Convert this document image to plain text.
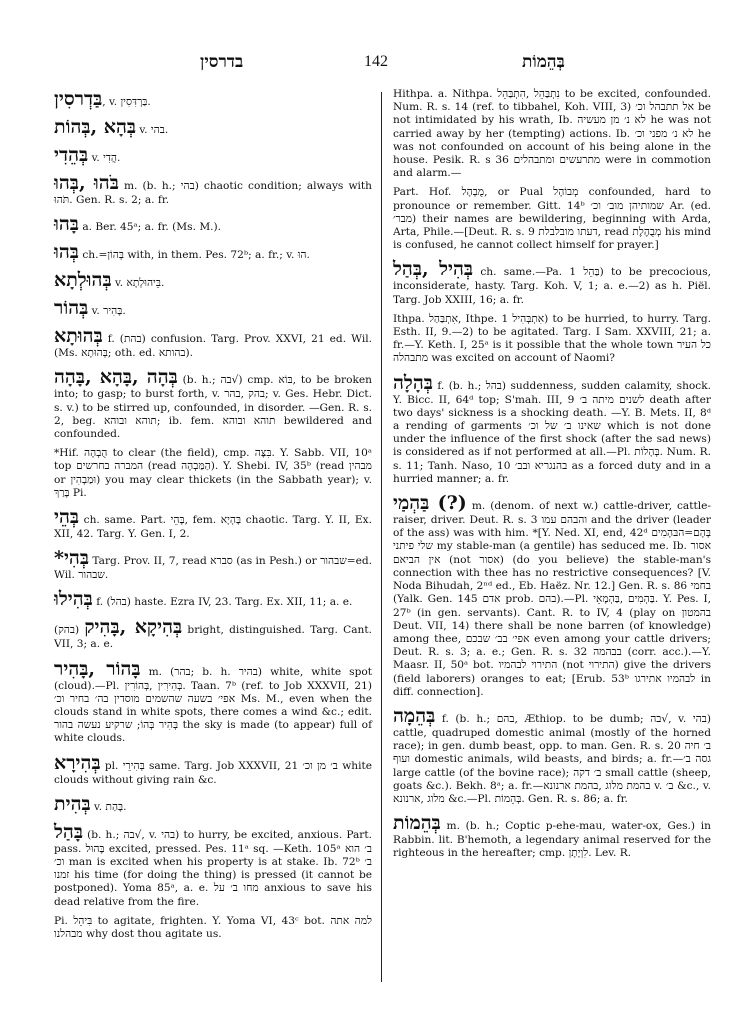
בדרסין	142	בְּהֵמוֹת

בַּדְרסִין, v. בַּרְדִּסִין.

בְּהָא ,בְּהוֹת v. בהי.

בְּהֵדִי v. הֲדִי.

בֹּהוּ ,בְּהוּ m. (b. h.; בהי) chaotic condition; always with תֹּהוּ. Gen. R. s. 2; a. fr.

בָּהוּ a. Ber. 45ᵃ; a. fr. (Ms. M.).

בְּהוּ ch.=בְּהוֹן with, in them. Pes. 72ᵇ; a. fr.; v. הוּ.

בְּהוּלְתָא v. בֵּיהוּלְתָא.

בְּהוֹר v. בָּהִיר.

בְּהוּתָא f. (בהת) confusion. Targ. Prov. XXVI, 21 ed. Wil. (Ms. בְּהוּתָא; oth. ed. בהותא).

בְּהָה ,בָּהָא ,בָּהָה (b. h.; בה√) cmp. בּוֹא, to be broken into; to gasp; to burst forth, v. בהק ,בהר; v. Ges. Hebr. Dict. s. v.) to be stirred up, confounded, in disorder. —Gen. R. s. 2, beg. תוהא ובוהא; ib. fem. תוהא ובוהא bewildered and confounded.

*Hif. הֻבְהָה to clear (the field), cmp. בִּצָּה. Y. Sabb. VII, 10ᵃ top המברה בחרשים (read הַמַּבְהָה). Y. Shebi. IV, 35ᵇ (read מבהין or וּמַבְהִין) you may clear thickets (in the Sabbath year); v. בָּרַךְ Pi.

בְּהֵי ch. same. Part. בָּהֵי, fem. בָּהְיָא chaotic. Targ. Y. II, Ex. XII, 42. Targ. Y. Gen. I, 2.

*בְּהִי Targ. Prov. II, 7, read סברא (as in Pesh.) or שבהור=ed. Wil. שבהור.

בְּהִילוּ f. (בהל) haste. Ezra IV, 23. Targ. Ex. XII, 11; a. e.

בְּהִיקָא ,בָּהִיק (בהק) bright, distinguished. Targ. Cant. VII, 3; a. e.

בָּהוֹר ,בָּהִיר m. (בהר; b. h. בהיר) white, white spot (cloud).—Pl. בְּהִירִין ,בְּהוֹרִין. Taan. 7ᵇ (ref. to Job XXXVII, 21) אפי׳ בשעה שהשמים מוסדין בה׳ בחיר וכ׳ Ms. M., even when the clouds stand in white spots, there comes a wind &c.; edit. בְּהִיר בְּהוֹ; שרקיע נעשה בהור the sky is made (to appear) full of white clouds.

בְּהִירָא pl. בְּהִירֵי same. Targ. Job XXXVII, 21 ב׳ מן וכ׳ white clouds without giving rain &c.

בְּהִית v. בָּהַת.

בָּהַל (b. h.; בה√, v. בהי) to hurry, be excited, anxious. Part. pass. בָּהוּל excited, pressed. Pes. 11ᵃ sq. —Keth. 105ᵃ ב׳ הוא וכ׳ man is excited when his property is at stake. Ib. 72ᵇ ב׳ זמנו his time (for doing the thing) is pressed (it cannot be postponed). Yoma 85ᵃ, a. e. מחו ב׳ על anxious to save his dead relative from the fire.

Pi. בִּיהֵל to agitate, frighten. Y. Yoma VI, 43ᶜ bot. למה אתה מבהלנו why dost thou agitate us.

Hithpa. a. Nithpa. נִתְבַּהֵל ,הִתְבַּהֵל to be excited, confounded. Num. R. s. 14 (ref. to tibbahel, Koh. VIII, 3) אל תתבהל וכ׳ be not intimidated by his wrath, Ib. לא נ׳ מן מעשיה he was not carried away by her (tempting) actions. Ib. לא נ׳ מפני וכ׳ he was not confounded on account of his being alone in the house. Pesik. R. s 36 מתרעשים ומתבהלים were in commotion and alarm.—

Part. Hof. מֻבְהָל, or Pual מְבוֹהָל confounded, hard to pronounce or remember. Gitt. 14ᵇ שמותיהן מוב׳ וכ׳ Ar. (ed. מבר׳) their names are bewildering, beginning with Arda, Arta, Phile.—[Deut. R. s. 9 דעתו מובלבלת, read מְבֻהֶלֶת his mind is confused, he cannot collect himself for prayer.]

בְּהִיל ,בְּהַל ch. same.—Pa. בַּהֵל 1) to be precocious, inconsiderate, hasty. Targ. Koh. V, 1; a. e.—2) as h. Piël. Targ. Job XXIII, 16; a. fr.

Ithpa. אִתְבַּהַל, Ithpe. אִתְבְּהִיל 1) to be hurried, to hurry. Targ. Esth. II, 9.—2) to be agitated. Targ. I Sam. XXVIII, 21; a. fr.—Y. Keth. I, 25ᵃ is it possible that the whole town כל העיר מתבהלה was excited on account of Naomi?

בְּהָלָה f. (b. h.; בהל) suddenness, sudden calamity, shock. Y. Bicc. II, 64ᵈ top; S'mah. III, 9 לשנים מיתה ב׳ death after two days' sickness is a shocking death. —Y. B. Mets. II, 8ᵈ a rending of garments שאינו ב׳ של וכ׳ which is not done under the influence of the first shock (after the sad news) is considered as if not performed at all.—Pl. בְּהָלוֹת. Num. R. s. 11; Tanh. Naso, 10 בהנגריא ובב׳ as a forced duty and in a hurried manner; a. fr.

בַּהְמַי (?) m. (denom. of next w.) cattle-driver, cattle-raiser, driver. Deut. R. s. 3 והבהם עמו and the driver (leader of the ass) was with him. *[Y. Ned. XI, end, 42ᵈ בְּהָם=הבּהָמִים שלי פיתני my stable-man (a gentile) has seduced me. Ib. אסור אין הביאם (not אסור) (do you believe) the stable-man's connection with thee has no restrictive consequences? [V. Noda Bihudah, 2ⁿᵈ ed., Eb. Haëz. Nr. 12.] Gen. R. s. 86 בחמי (Yalk. Gen. 145 אדם prob. בהם).—Pl. בַּהְמִים ,בַּהְמָאֵי. Y. Pes. I, 27ᵇ (in gen. servants). Cant. R. to IV, 4 (play on בהמטון Deut. VII, 14) there shall be none barren (of knowledge) among thee, אפי׳ בב׳ שבכם even among your cattle drivers; Deut. R. s. 3; a. e.; Gen. R. s. 32 בבהמה (corr. acc.).—Y. Maasr. II, 50ᵃ bot. התירוי לבהמיו (not התירוי) give the drivers (field laborers) oranges to eat; [Erub. 53ᵇ לבהמיו אתירגו in diff. connection].

בְּהֵמָה f. (b. h.; בהם, Æthiop. to be dumb; בה√, v. בהי) cattle, quadruped domestic animal (mostly of the horned race); in gen. dumb beast, opp. to man. Gen. R. s. 20 ב׳ חיה ועוף domestic animals, wild beasts, and birds; a. fr.—גסה ב׳ large cattle (of the bovine race); ב׳ דקה small cattle (sheep, goats &c.). Bekh. 8ᵃ; a. fr.—בהמת מלוג ,בהמת ארנונא v. ב׳ &c., v. מלוג ,ארנונא &c.—Pl. בְּהֵמוֹת. Gen. R. s. 86; a. fr.

בְּהֵמוֹת m. (b. h.; Coptic p-ehe-mau, water-ox, Ges.) in Rabbin. lit. B'hemoth, a legendary animal reserved for the righteous in the hereafter; cmp. לִוְיָתָן. Lev. R.
